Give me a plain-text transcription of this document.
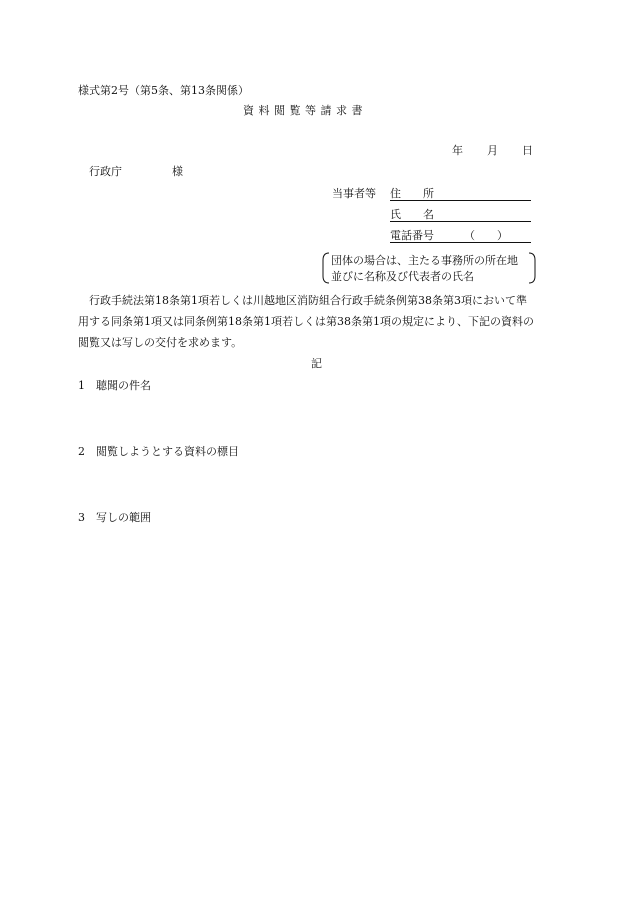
様式第2号（第5条、第13条関係）
資 料 閲 覧 等 請 求 書
年 月 日
行政庁	様
当事者等 住　　所
氏　　名
電話番号	（　　）
団体の場合は、主たる事務所の所在地
並びに名称及び代表者の氏名
行政手続法第18条第1項若しくは川越地区消防組合行政手続条例第38条第3項において準
用する同条第1項又は同条例第18条第1項若しくは第38条第1項の規定により、下記の資料の
閲覧又は写しの交付を求めます。
記
1 聴聞の件名
2 閲覧しようとする資料の標目
3 写しの範囲
